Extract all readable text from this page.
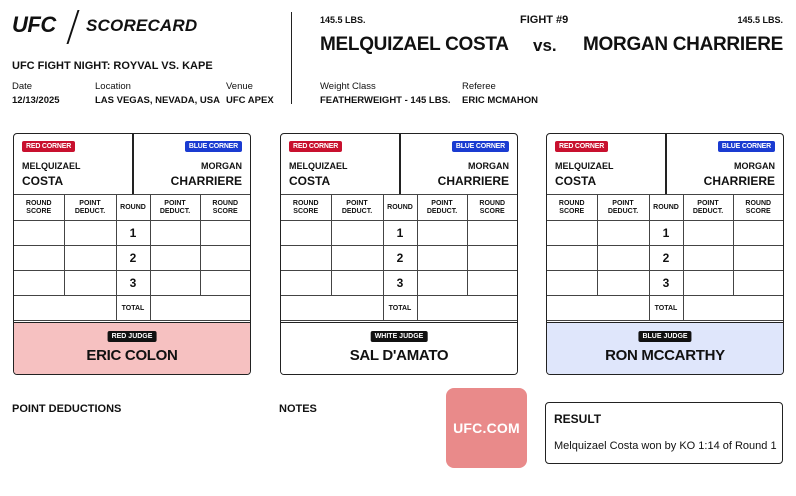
UFC SCORECARD
UFC FIGHT NIGHT: ROYVAL VS. KAPE
Date
12/13/2025
Location
LAS VEGAS, NEVADA, USA
Venue
UFC APEX
145.5 LBS.	FIGHT #9	145.5 LBS.
MELQUIZAEL COSTA vs. MORGAN CHARRIERE
Weight Class
FEATHERWEIGHT - 145 LBS.
Referee
ERIC MCMAHON
RED CORNER	BLUE CORNER
MELQUIZAEL
COSTA
MORGAN
CHARRIERE
ROUND SCORE	POINT DEDUCT.	ROUND	POINT DEDUCT.	ROUND SCORE
		1		
		2		
		3		
		TOTAL		
RED JUDGE
ERIC COLON
RED CORNER	BLUE CORNER
MELQUIZAEL
COSTA
MORGAN
CHARRIERE
ROUND SCORE	POINT DEDUCT.	ROUND	POINT DEDUCT.	ROUND SCORE
		1		
		2		
		3		
		TOTAL		
WHITE JUDGE
SAL D'AMATO
RED CORNER	BLUE CORNER
MELQUIZAEL
COSTA
MORGAN
CHARRIERE
ROUND SCORE	POINT DEDUCT.	ROUND	POINT DEDUCT.	ROUND SCORE
		1		
		2		
		3		
		TOTAL		
BLUE JUDGE
RON MCCARTHY
POINT DEDUCTIONS	NOTES
UFC.COM
RESULT
Melquizael Costa won by KO 1:14 of Round 1
